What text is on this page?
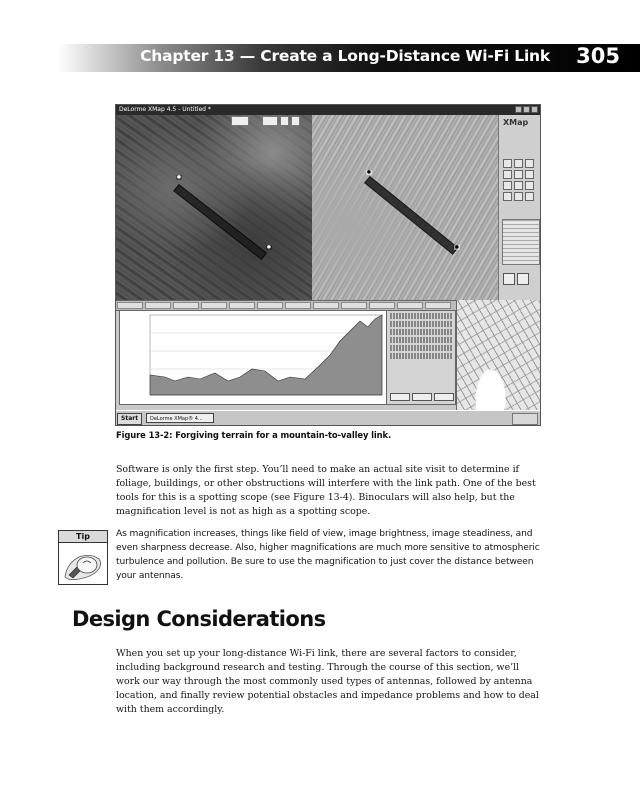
Chapter 13 — Create a Long-Distance Wi-Fi Link 305
DeLorme XMap 4.5 - Untitled *
●
●
●
●
XMap
Start	DeLorme XMap® 4...
Figure 13-2: Forgiving terrain for a mountain-to-valley link.
Software is only the first step. You’ll need to make an actual site visit to determine if foliage, buildings, or other obstructions will interfere with the link path. One of the best tools for this is a spotting scope (see Figure 13-4). Binoculars will also help, but the magnification level is not as high as a spotting scope.
Tip	As magnification increases, things like field of view, image brightness, image steadiness, and even sharpness decrease. Also, higher magnifications are much more sensitive to atmospheric turbulence and pollution. Be sure to use the magnification to just cover the distance between your antennas.
Design Considerations
When you set up your long-distance Wi-Fi link, there are several factors to consider, including background research and testing. Through the course of this section, we’ll work our way through the most commonly used types of antennas, followed by antenna location, and finally review potential obstacles and impedance problems and how to deal with them accordingly.
